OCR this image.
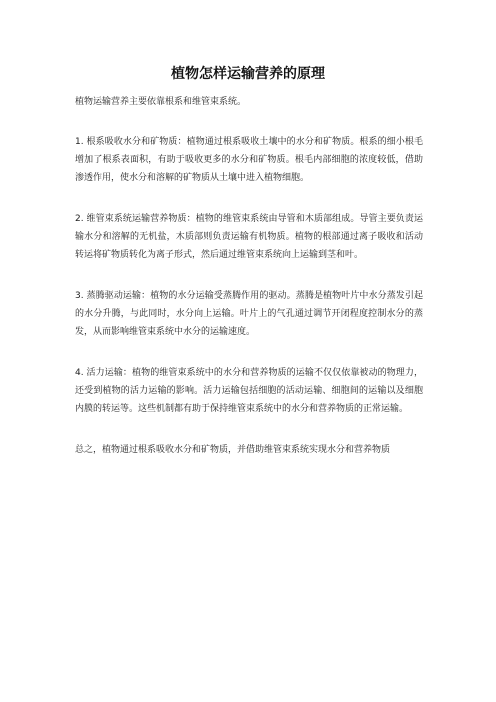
植物怎样运输营养的原理

植物运输营养主要依靠根系和维管束系统。

1. 根系吸收水分和矿物质：植物通过根系吸收土壤中的水分和矿物质。根系的细小根毛增加了根系表面积，有助于吸收更多的水分和矿物质。根毛内部细胞的浓度较低，借助渗透作用，使水分和溶解的矿物质从土壤中进入植物细胞。

2. 维管束系统运输营养物质：植物的维管束系统由导管和木质部组成。导管主要负责运输水分和溶解的无机盐，木质部则负责运输有机物质。植物的根部通过离子吸收和活动转运将矿物质转化为离子形式，然后通过维管束系统向上运输到茎和叶。

3. 蒸腾驱动运输：植物的水分运输受蒸腾作用的驱动。蒸腾是植物叶片中水分蒸发引起的水分升腾，与此同时，水分向上运输。叶片上的气孔通过调节开闭程度控制水分的蒸发，从而影响维管束系统中水分的运输速度。

4. 活力运输：植物的维管束系统中的水分和营养物质的运输不仅仅依靠被动的物理力，还受到植物的活力运输的影响。活力运输包括细胞的活动运输、细胞间的运输以及细胞内膜的转运等。这些机制都有助于保持维管束系统中的水分和营养物质的正常运输。

总之，植物通过根系吸收水分和矿物质，并借助维管束系统实现水分和营养物质
